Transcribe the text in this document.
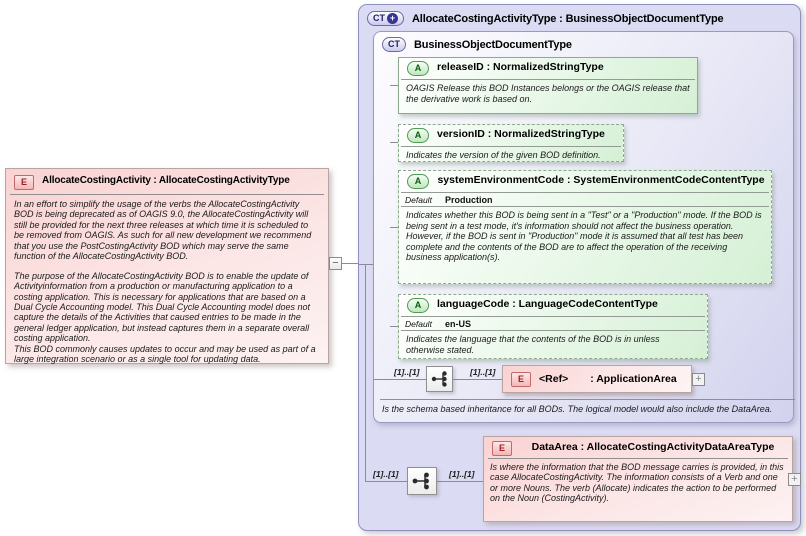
E	AllocateCostingActivity : AllocateCostingActivityType

In an effort to simplify the usage of the verbs the AllocateCostingActivity BOD is being deprecated as of OAGIS 9.0, the AllocateCostingActivity will still be provided for the next three releases at which time it is scheduled to be removed from OAGIS. As such for all new development we recommend that you use the PostCostingActivity BOD which may serve the same function of the AllocateCostingActivity BOD.

The purpose of the AllocateCostingActivity BOD is to enable the update of Activityinformation from a production or manufacturing application to a costing application. This is necessary for applications that are based on a Dual Cycle Accounting model. This Dual Cycle Accounting model does not capture the details of the Activities that caused entries to be made in the general ledger application, but instead captures them in a separate overall costing application.

This BOD commonly causes updates to occur and may be used as part of a large integration scenario or as a single tool for updating data.

−
CT + AllocateCostingActivityType : BusinessObjectDocumentType
CT BusinessObjectDocumentType
A	releaseID : NormalizedStringType
OAGIS Release this BOD Instances belongs or the OAGIS release that the derivative work is based on.
A	versionID : NormalizedStringType
Indicates the version of the given BOD definition.
A	systemEnvironmentCode : SystemEnvironmentCodeContentType
Default	Production
Indicates whether this BOD is being sent in a "Test" or a "Production" mode. If the BOD is being sent in a test mode, it's information should not affect the business operation. However, if the BOD is sent in "Production" mode it is assumed that all test has been complete and the contents of the BOD are to affect the operation of the receiving business application(s).
A	languageCode : LanguageCodeContentType
Default	en-US
Indicates the language that the contents of the BOD is in unless otherwise stated.
[1]..[1]	[1]..[1]
E	<Ref> : ApplicationArea +
Is the schema based inheritance for all BODs. The logical model would also include the DataArea.
[1]..[1]	[1]..[1]
E	DataArea : AllocateCostingActivityDataAreaType
Is where the information that the BOD message carries is provided, in this case AllocateCostingActivity. The information consists of a Verb and one or more Nouns. The verb (Allocate) indicates the action to be performed on the Noun (CostingActivity).
+
